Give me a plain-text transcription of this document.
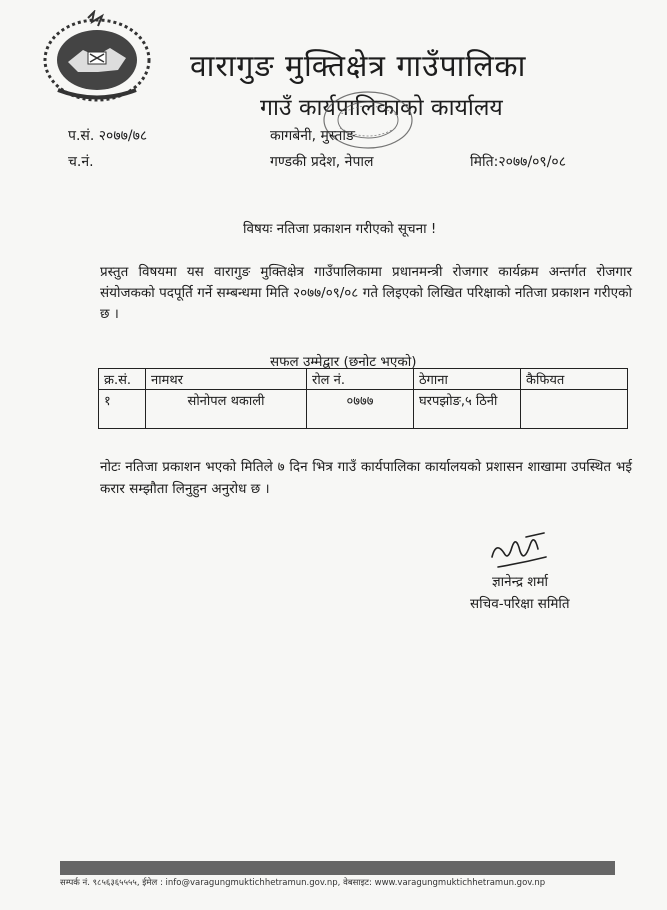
वारागुङ मुक्तिक्षेत्र गाउँपालिका
गाउँ कार्यपालिकाको कार्यालय
प.सं. २०७७/७८
च.नं.
कागबेनी, मुस्ताङ
गण्डकी प्रदेश, नेपाल	मिति:२०७७/०९/०८
विषयः नतिजा प्रकाशन गरीएको सूचना !
प्रस्तुत विषयमा यस वारागुङ मुक्तिक्षेत्र गाउँपालिकामा प्रधानमन्त्री रोजगार कार्यक्रम अन्तर्गत रोजगार संयोजकको पदपूर्ति गर्ने सम्बन्धमा मिति २०७७/०९/०८ गते लिइएको लिखित परिक्षाको नतिजा प्रकाशन गरीएको छ ।
सफल उम्मेद्वार (छनोट भएको)
क्र.सं.	नामथर	रोल नं.	ठेगाना	कैफियत
१	सोनोपल थकाली	०७७७	घरपझोङ,५ ठिनी	
नोटः नतिजा प्रकाशन भएको मितिले ७ दिन भित्र गाउँ कार्यपालिका कार्यालयको प्रशासन शाखामा उपस्थित भई करार सम्झौता लिनुहुन अनुरोध छ ।
ज्ञानेन्द्र शर्मा
सचिव-परिक्षा समिति
सम्पर्क नं. ९८५६३६५५५५, ईमेल : info@varagungmuktichhetramun.gov.np, वेबसाइट: www.varagungmuktichhetramun.gov.np
